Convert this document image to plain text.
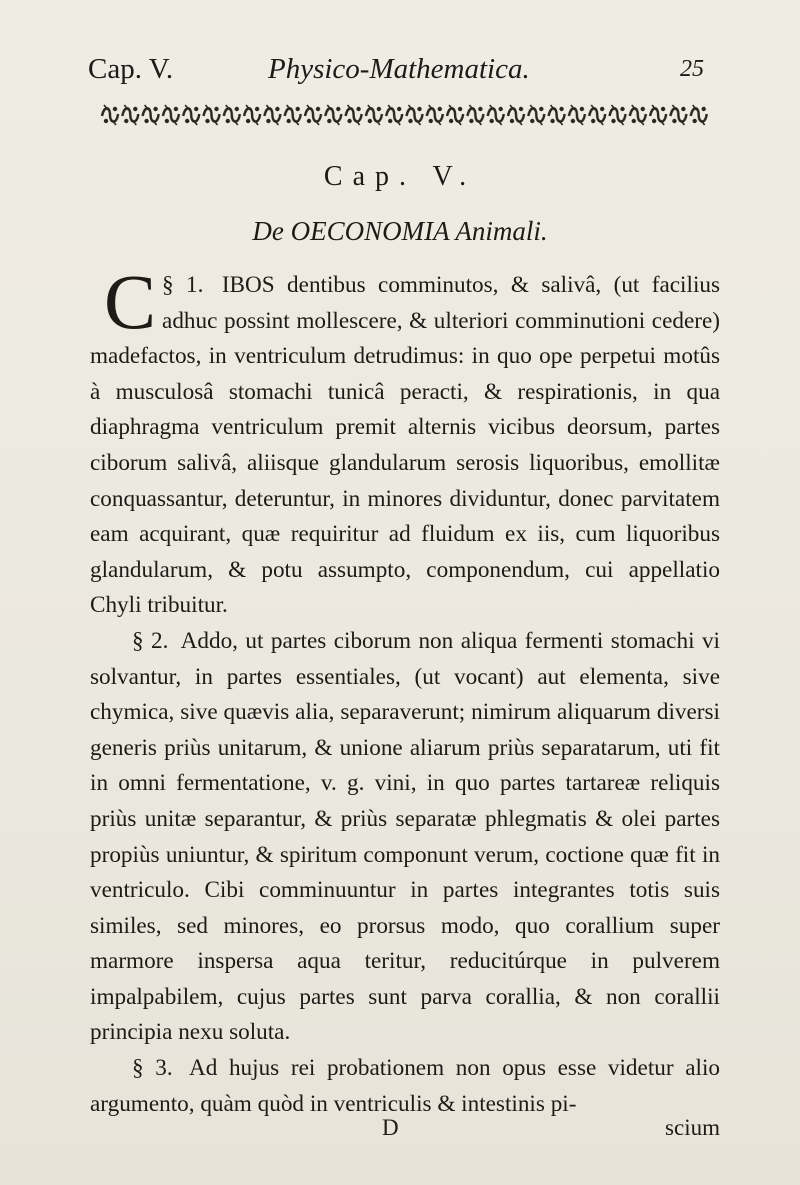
Cap. V.	Physico-Mathematica.	25
Cap. V.
De OECONOMIA Animali.

§ 1.
C	IBOS dentibus comminutos, & salivâ, (ut facilius adhuc possint mollescere, & ulteriori comminutioni cedere) madefactos, in ventriculum detrudimus: in quo ope perpetui motûs à musculosâ stomachi tunicâ peracti, & respirationis, in qua diaphragma ventriculum premit alternis vicibus deorsum, partes ciborum salivâ, aliisque glandularum serosis liquoribus, emollitæ conquassantur, deteruntur, in minores dividuntur, donec parvitatem eam acquirant, quæ requiritur ad fluidum ex iis, cum liquoribus glandularum, & potu assumpto, componendum, cui appellatio Chyli tribuitur.

§ 2. Addo, ut partes ciborum non aliqua fermenti stomachi vi solvantur, in partes essentiales, (ut vocant) aut elementa, sive chymica, sive quævis alia, separaverunt; nimirum aliquarum diversi generis priùs unitarum, & unione aliarum priùs separatarum, uti fit in omni fermentatione, v. g. vini, in quo partes tartareæ reliquis priùs unitæ separantur, & priùs separatæ phlegmatis & olei partes propiùs uniuntur, & spiritum componunt verum, coctione quæ fit in ventriculo. Cibi comminuuntur in partes integrantes totis suis similes, sed minores, eo prorsus modo, quo corallium super marmore inspersa aqua teritur, reducitúrque in pulverem impalpabilem, cujus partes sunt parva corallia, & non corallii principia nexu soluta.

§ 3. Ad hujus rei probationem non opus esse videtur alio argumento, quàm quòd in ventriculis & intestinis pi-

D	scium
